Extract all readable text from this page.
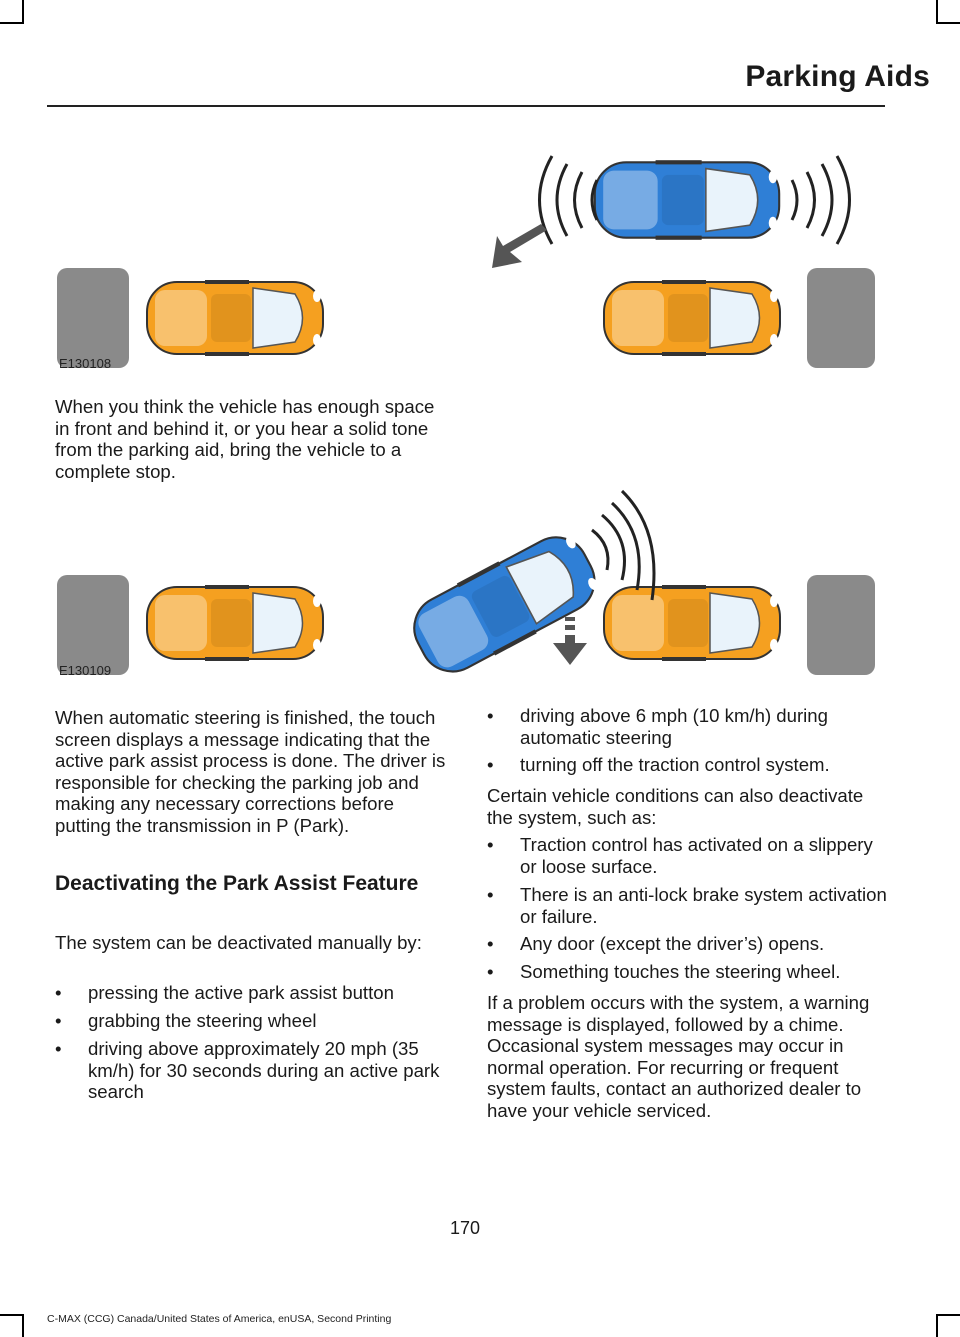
Parking Aids
E130108

When you think the vehicle has enough space in front and behind it, or you hear a solid tone from the parking aid, bring the vehicle to a complete stop.

E130109

When automatic steering is finished, the touch screen displays a message indicating that the active park assist process is done. The driver is responsible for checking the parking job and making any necessary corrections before putting the transmission in P (Park).

Deactivating the Park Assist Feature

The system can be deactivated manually by:

• pressing the active park assist button
• grabbing the steering wheel
• driving above approximately 20 mph (35 km/h) for 30 seconds during an active park search
• driving above 6 mph (10 km/h) during automatic steering
• turning off the traction control system.

Certain vehicle conditions can also deactivate the system, such as:

• Traction control has activated on a slippery or loose surface.
• There is an anti-lock brake system activation or failure.
• Any door (except the driver’s) opens.
• Something touches the steering wheel.

If a problem occurs with the system, a warning message is displayed, followed by a chime. Occasional system messages may occur in normal operation. For recurring or frequent system faults, contact an authorized dealer to have your vehicle serviced.

170
C-MAX (CCG) Canada/United States of America, enUSA, Second Printing
